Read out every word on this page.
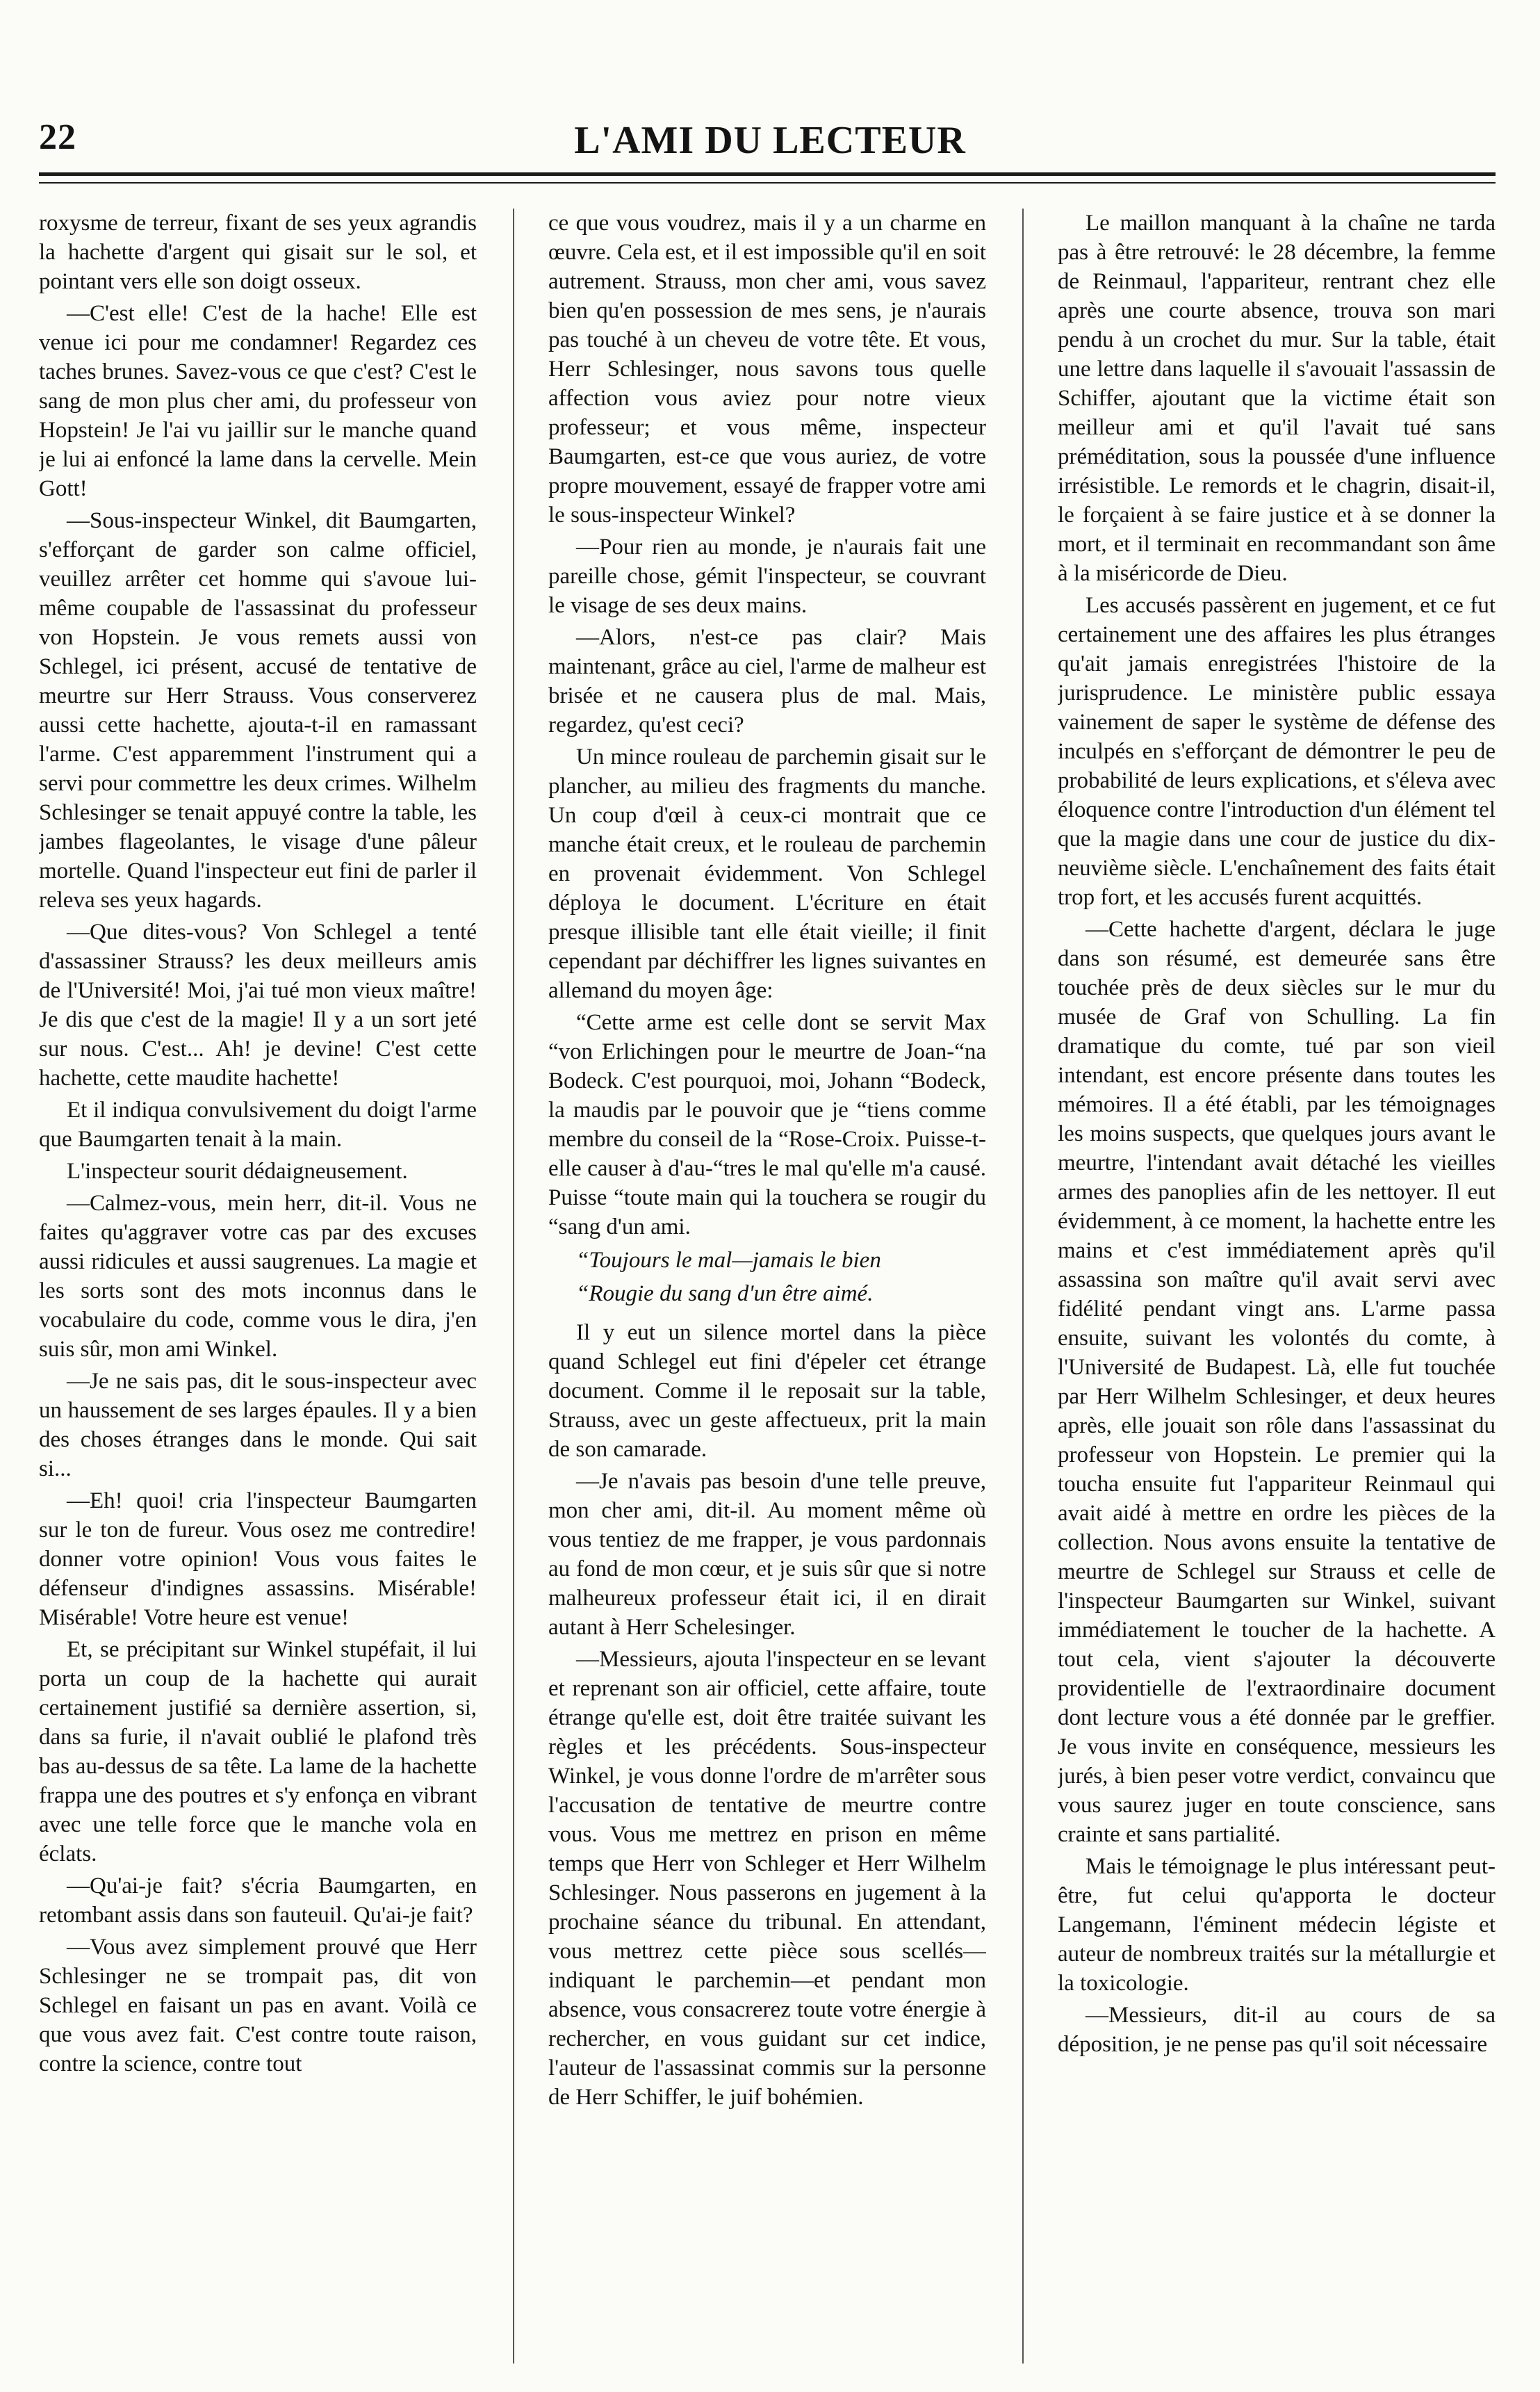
22	L'AMI DU LECTEUR

roxysme de terreur, fixant de ses yeux agrandis la hachette d'argent qui gisait sur le sol, et pointant vers elle son doigt osseux.

—C'est elle! C'est de la hache! Elle est venue ici pour me condamner! Regardez ces taches brunes. Savez-vous ce que c'est? C'est le sang de mon plus cher ami, du professeur von Hopstein! Je l'ai vu jaillir sur le manche quand je lui ai enfoncé la lame dans la cervelle. Mein Gott!

—Sous-inspecteur Winkel, dit Baumgarten, s'efforçant de garder son calme officiel, veuillez arrêter cet homme qui s'avoue lui-même coupable de l'assassinat du professeur von Hopstein. Je vous remets aussi von Schlegel, ici présent, accusé de tentative de meurtre sur Herr Strauss. Vous conserverez aussi cette hachette, ajouta-t-il en ramassant l'arme. C'est apparemment l'instrument qui a servi pour commettre les deux crimes. Wilhelm Schlesinger se tenait appuyé contre la table, les jambes flageolantes, le visage d'une pâleur mortelle. Quand l'inspecteur eut fini de parler il releva ses yeux hagards.

—Que dites-vous? Von Schlegel a tenté d'assassiner Strauss? les deux meilleurs amis de l'Université! Moi, j'ai tué mon vieux maître! Je dis que c'est de la magie! Il y a un sort jeté sur nous. C'est... Ah! je devine! C'est cette hachette, cette maudite hachette!

Et il indiqua convulsivement du doigt l'arme que Baumgarten tenait à la main.

L'inspecteur sourit dédaigneusement.

—Calmez-vous, mein herr, dit-il. Vous ne faites qu'aggraver votre cas par des excuses aussi ridicules et aussi saugrenues. La magie et les sorts sont des mots inconnus dans le vocabulaire du code, comme vous le dira, j'en suis sûr, mon ami Winkel.

—Je ne sais pas, dit le sous-inspecteur avec un haussement de ses larges épaules. Il y a bien des choses étranges dans le monde. Qui sait si...

—Eh! quoi! cria l'inspecteur Baumgarten sur le ton de fureur. Vous osez me contredire! donner votre opinion! Vous vous faites le défenseur d'indignes assassins. Misérable! Misérable! Votre heure est venue!

Et, se précipitant sur Winkel stupéfait, il lui porta un coup de la hachette qui aurait certainement justifié sa dernière assertion, si, dans sa furie, il n'avait oublié le plafond très bas au-dessus de sa tête. La lame de la hachette frappa une des poutres et s'y enfonça en vibrant avec une telle force que le manche vola en éclats.

—Qu'ai-je fait? s'écria Baumgarten, en retombant assis dans son fauteuil. Qu'ai-je fait?

—Vous avez simplement prouvé que Herr Schlesinger ne se trompait pas, dit von Schlegel en faisant un pas en avant. Voilà ce que vous avez fait. C'est contre toute raison, contre la science, contre tout

ce que vous voudrez, mais il y a un charme en œuvre. Cela est, et il est impossible qu'il en soit autrement. Strauss, mon cher ami, vous savez bien qu'en possession de mes sens, je n'aurais pas touché à un cheveu de votre tête. Et vous, Herr Schlesinger, nous savons tous quelle affection vous aviez pour notre vieux professeur; et vous même, inspecteur Baumgarten, est-ce que vous auriez, de votre propre mouvement, essayé de frapper votre ami le sous-inspecteur Winkel?

—Pour rien au monde, je n'aurais fait une pareille chose, gémit l'inspecteur, se couvrant le visage de ses deux mains.

—Alors, n'est-ce pas clair? Mais maintenant, grâce au ciel, l'arme de malheur est brisée et ne causera plus de mal. Mais, regardez, qu'est ceci?

Un mince rouleau de parchemin gisait sur le plancher, au milieu des fragments du manche. Un coup d'œil à ceux-ci montrait que ce manche était creux, et le rouleau de parchemin en provenait évidemment. Von Schlegel déploya le document. L'écriture en était presque illisible tant elle était vieille; il finit cependant par déchiffrer les lignes suivantes en allemand du moyen âge:

“Cette arme est celle dont se servit Max “von Erlichingen pour le meurtre de Joan-“na Bodeck. C'est pourquoi, moi, Johann “Bodeck, la maudis par le pouvoir que je “tiens comme membre du conseil de la “Rose-Croix. Puisse-t-elle causer à d'au-“tres le mal qu'elle m'a causé. Puisse “toute main qui la touchera se rougir du “sang d'un ami.

“Toujours le mal—jamais le bien

“Rougie du sang d'un être aimé.

Il y eut un silence mortel dans la pièce quand Schlegel eut fini d'épeler cet étrange document. Comme il le reposait sur la table, Strauss, avec un geste affectueux, prit la main de son camarade.

—Je n'avais pas besoin d'une telle preuve, mon cher ami, dit-il. Au moment même où vous tentiez de me frapper, je vous pardonnais au fond de mon cœur, et je suis sûr que si notre malheureux professeur était ici, il en dirait autant à Herr Schelesinger.

—Messieurs, ajouta l'inspecteur en se levant et reprenant son air officiel, cette affaire, toute étrange qu'elle est, doit être traitée suivant les règles et les précédents. Sous-inspecteur Winkel, je vous donne l'ordre de m'arrêter sous l'accusation de tentative de meurtre contre vous. Vous me mettrez en prison en même temps que Herr von Schleger et Herr Wilhelm Schlesinger. Nous passerons en jugement à la prochaine séance du tribunal. En attendant, vous mettrez cette pièce sous scellés—indiquant le parchemin—et pendant mon absence, vous consacrerez toute votre énergie à rechercher, en vous guidant sur cet indice, l'auteur de l'assassinat commis sur la personne de Herr Schiffer, le juif bohémien.

Le maillon manquant à la chaîne ne tarda pas à être retrouvé: le 28 décembre, la femme de Reinmaul, l'appariteur, rentrant chez elle après une courte absence, trouva son mari pendu à un crochet du mur. Sur la table, était une lettre dans laquelle il s'avouait l'assassin de Schiffer, ajoutant que la victime était son meilleur ami et qu'il l'avait tué sans préméditation, sous la poussée d'une influence irrésistible. Le remords et le chagrin, disait-il, le forçaient à se faire justice et à se donner la mort, et il terminait en recommandant son âme à la miséricorde de Dieu.

Les accusés passèrent en jugement, et ce fut certainement une des affaires les plus étranges qu'ait jamais enregistrées l'histoire de la jurisprudence. Le ministère public essaya vainement de saper le système de défense des inculpés en s'efforçant de démontrer le peu de probabilité de leurs explications, et s'éleva avec éloquence contre l'introduction d'un élément tel que la magie dans une cour de justice du dix-neuvième siècle. L'enchaînement des faits était trop fort, et les accusés furent acquittés.

—Cette hachette d'argent, déclara le juge dans son résumé, est demeurée sans être touchée près de deux siècles sur le mur du musée de Graf von Schulling. La fin dramatique du comte, tué par son vieil intendant, est encore présente dans toutes les mémoires. Il a été établi, par les témoignages les moins suspects, que quelques jours avant le meurtre, l'intendant avait détaché les vieilles armes des panoplies afin de les nettoyer. Il eut évidemment, à ce moment, la hachette entre les mains et c'est immédiatement après qu'il assassina son maître qu'il avait servi avec fidélité pendant vingt ans. L'arme passa ensuite, suivant les volontés du comte, à l'Université de Budapest. Là, elle fut touchée par Herr Wilhelm Schlesinger, et deux heures après, elle jouait son rôle dans l'assassinat du professeur von Hopstein. Le premier qui la toucha ensuite fut l'appariteur Reinmaul qui avait aidé à mettre en ordre les pièces de la collection. Nous avons ensuite la tentative de meurtre de Schlegel sur Strauss et celle de l'inspecteur Baumgarten sur Winkel, suivant immédiatement le toucher de la hachette. A tout cela, vient s'ajouter la découverte providentielle de l'extraordinaire document dont lecture vous a été donnée par le greffier. Je vous invite en conséquence, messieurs les jurés, à bien peser votre verdict, convaincu que vous saurez juger en toute conscience, sans crainte et sans partialité.

Mais le témoignage le plus intéressant peut-être, fut celui qu'apporta le docteur Langemann, l'éminent médecin légiste et auteur de nombreux traités sur la métallurgie et la toxicologie.

—Messieurs, dit-il au cours de sa déposition, je ne pense pas qu'il soit nécessaire
